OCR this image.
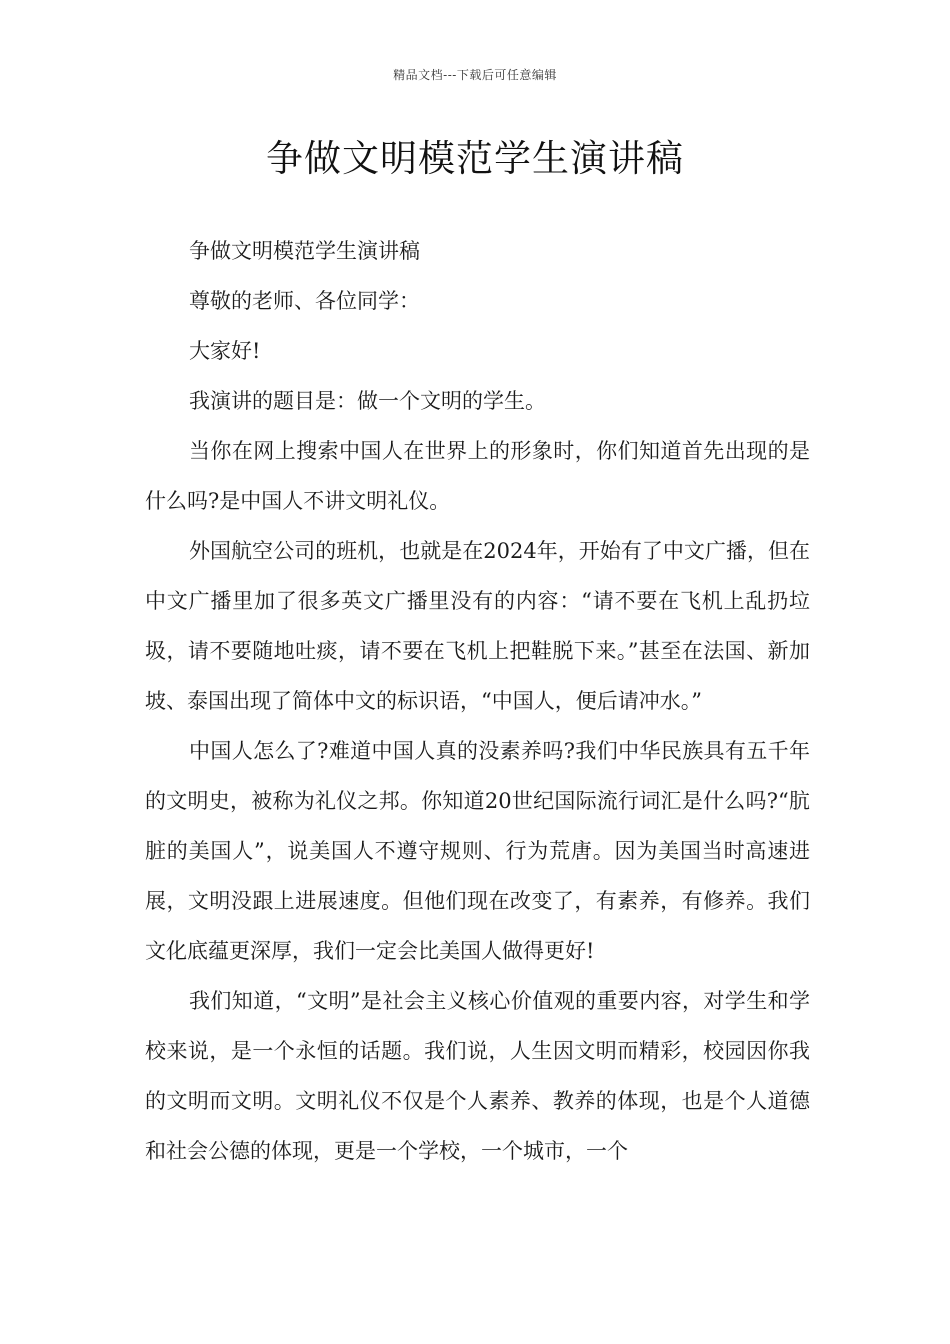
精品文档---下载后可任意编辑
争做文明模范学生演讲稿

争做文明模范学生演讲稿

尊敬的老师、各位同学：

大家好!

我演讲的题目是：做一个文明的学生。

当你在网上搜索中国人在世界上的形象时，你们知道首先出现的是什么吗?是中国人不讲文明礼仪。

外国航空公司的班机，也就是在2024年，开始有了中文广播，但在中文广播里加了很多英文广播里没有的内容：“请不要在飞机上乱扔垃圾，请不要随地吐痰，请不要在飞机上把鞋脱下来。”甚至在法国、新加坡、泰国出现了简体中文的标识语，“中国人，便后请冲水。”

中国人怎么了?难道中国人真的没素养吗?我们中华民族具有五千年的文明史，被称为礼仪之邦。你知道20世纪国际流行词汇是什么吗?“肮脏的美国人”，说美国人不遵守规则、行为荒唐。因为美国当时高速进展，文明没跟上进展速度。但他们现在改变了，有素养，有修养。我们文化底蕴更深厚，我们一定会比美国人做得更好!

我们知道，“文明”是社会主义核心价值观的重要内容，对学生和学校来说，是一个永恒的话题。我们说，人生因文明而精彩，校园因你我的文明而文明。文明礼仪不仅是个人素养、教养的体现，也是个人道德和社会公德的体现，更是一个学校，一个城市，一个
